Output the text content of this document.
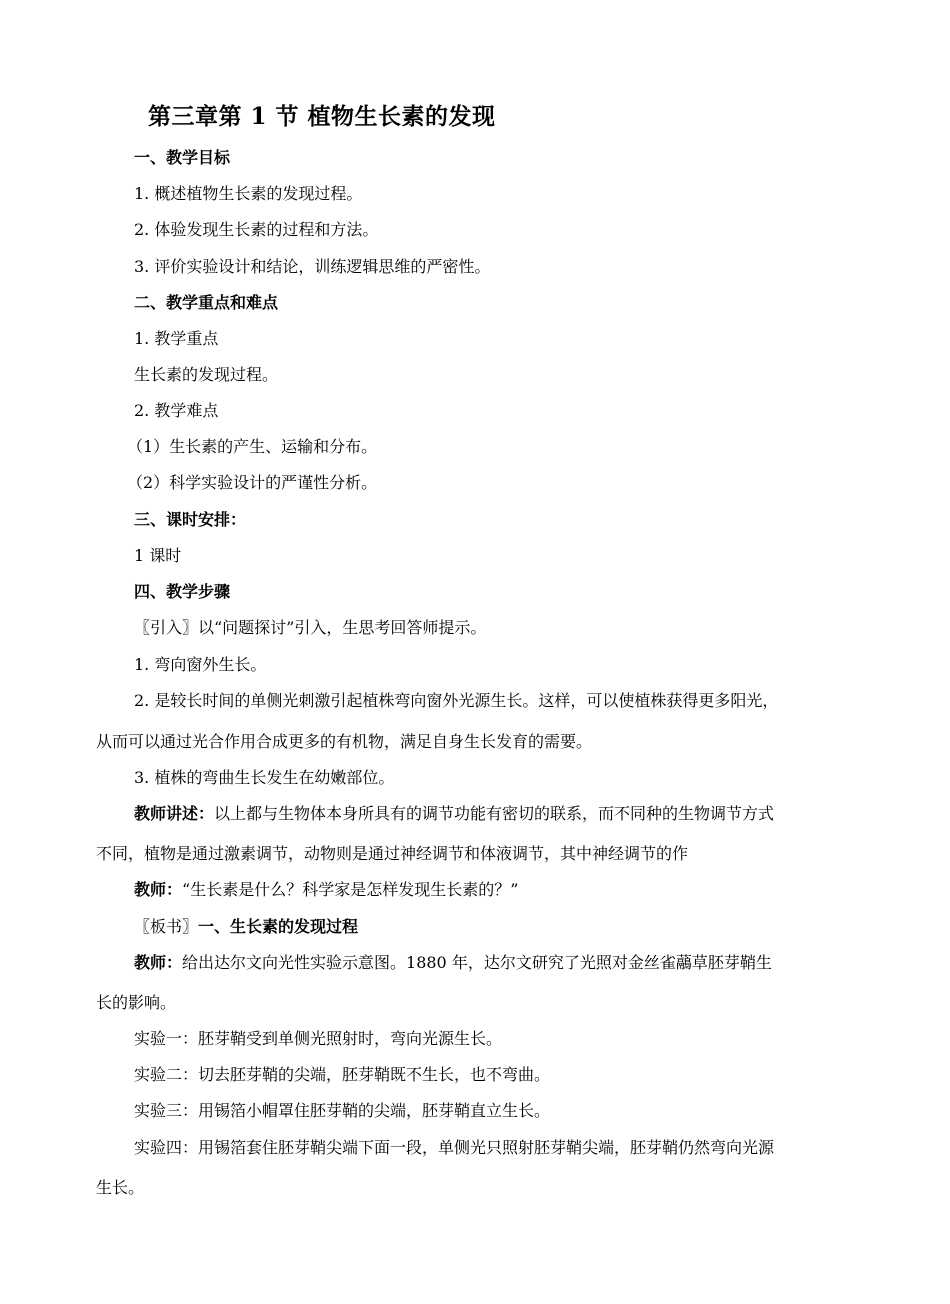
第三章第 1 节 植物生长素的发现
一、教学目标
1. 概述植物生长素的发现过程。
2. 体验发现生长素的过程和方法。
3. 评价实验设计和结论，训练逻辑思维的严密性。
二、教学重点和难点
1. 教学重点
生长素的发现过程。
2. 教学难点
（1）生长素的产生、运输和分布。
（2）科学实验设计的严谨性分析。
三、课时安排：
1 课时
四、教学步骤
〖引入〗以“问题探讨”引入，生思考回答师提示。
1. 弯向窗外生长。
2. 是较长时间的单侧光刺激引起植株弯向窗外光源生长。这样，可以使植株获得更多阳光，
从而可以通过光合作用合成更多的有机物，满足自身生长发育的需要。
3. 植株的弯曲生长发生在幼嫩部位。
教师讲述：以上都与生物体本身所具有的调节功能有密切的联系，而不同种的生物调节方式
不同，植物是通过激素调节，动物则是通过神经调节和体液调节，其中神经调节的作
教师：“生长素是什么？科学家是怎样发现生长素的？”
〖板书〗一、生长素的发现过程
教师：给出达尔文向光性实验示意图。1880 年，达尔文研究了光照对金丝雀虉草胚芽鞘生
长的影响。
实验一：胚芽鞘受到单侧光照射时，弯向光源生长。
实验二：切去胚芽鞘的尖端，胚芽鞘既不生长，也不弯曲。
实验三：用锡箔小帽罩住胚芽鞘的尖端，胚芽鞘直立生长。
实验四：用锡箔套住胚芽鞘尖端下面一段，单侧光只照射胚芽鞘尖端，胚芽鞘仍然弯向光源
生长。
